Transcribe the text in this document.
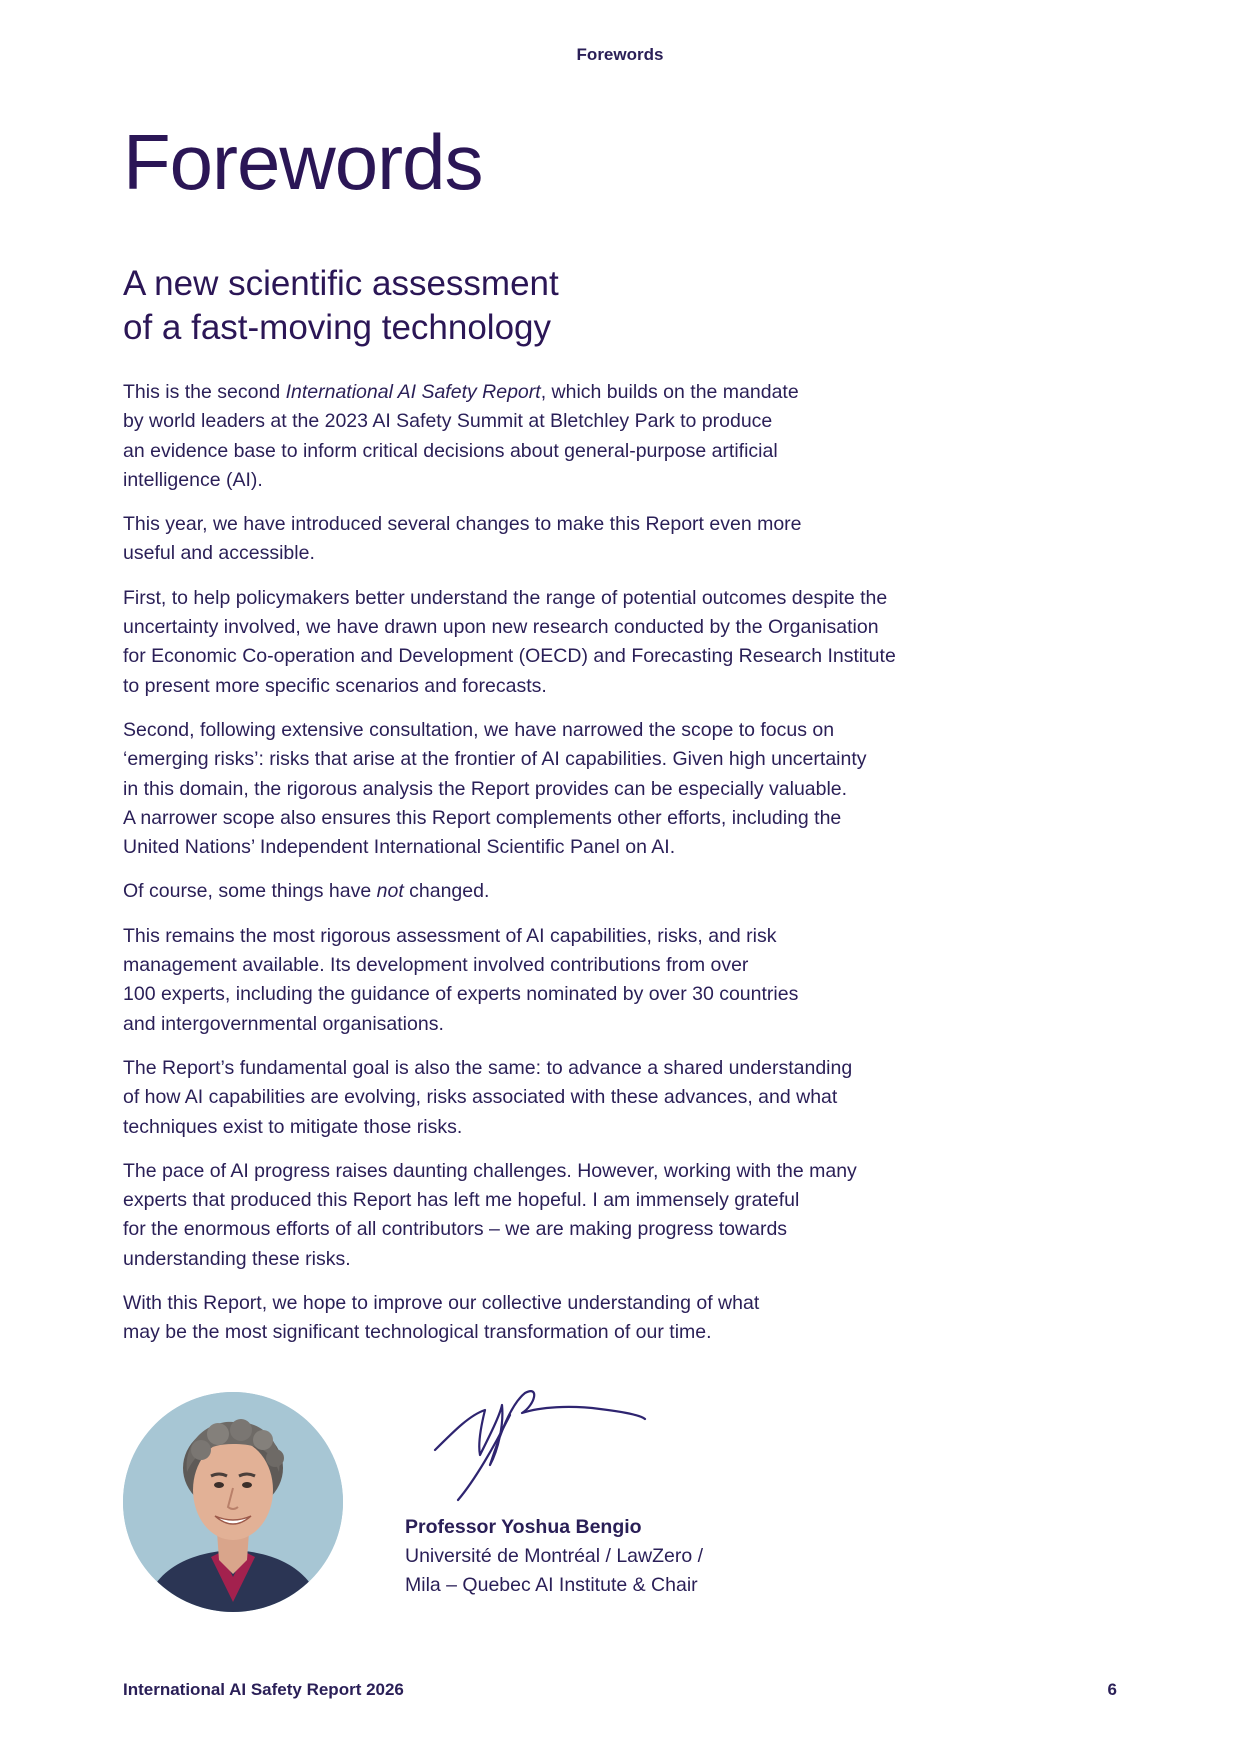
Forewords
Forewords
A new scientific assessment
of a fast-moving technology

This is the second International AI Safety Report, which builds on the mandate
by world leaders at the 2023 AI Safety Summit at Bletchley Park to produce
an evidence base to inform critical decisions about general-purpose artificial
intelligence (AI).

This year, we have introduced several changes to make this Report even more
useful and accessible.

First, to help policymakers better understand the range of potential outcomes despite the
uncertainty involved, we have drawn upon new research conducted by the Organisation
for Economic Co-operation and Development (OECD) and Forecasting Research Institute
to present more specific scenarios and forecasts.

Second, following extensive consultation, we have narrowed the scope to focus on
‘emerging risks’: risks that arise at the frontier of AI capabilities. Given high uncertainty
in this domain, the rigorous analysis the Report provides can be especially valuable.
A narrower scope also ensures this Report complements other efforts, including the
United Nations’ Independent International Scientific Panel on AI.

Of course, some things have not changed.

This remains the most rigorous assessment of AI capabilities, risks, and risk
management available. Its development involved contributions from over
100 experts, including the guidance of experts nominated by over 30 countries
and intergovernmental organisations.

The Report’s fundamental goal is also the same: to advance a shared understanding
of how AI capabilities are evolving, risks associated with these advances, and what
techniques exist to mitigate those risks.

The pace of AI progress raises daunting challenges. However, working with the many
experts that produced this Report has left me hopeful. I am immensely grateful
for the enormous efforts of all contributors – we are making progress towards
understanding these risks.

With this Report, we hope to improve our collective understanding of what
may be the most significant technological transformation of our time.

Professor Yoshua Bengio
Université de Montréal / LawZero /
Mila – Quebec AI Institute & Chair
International AI Safety Report 2026	6
